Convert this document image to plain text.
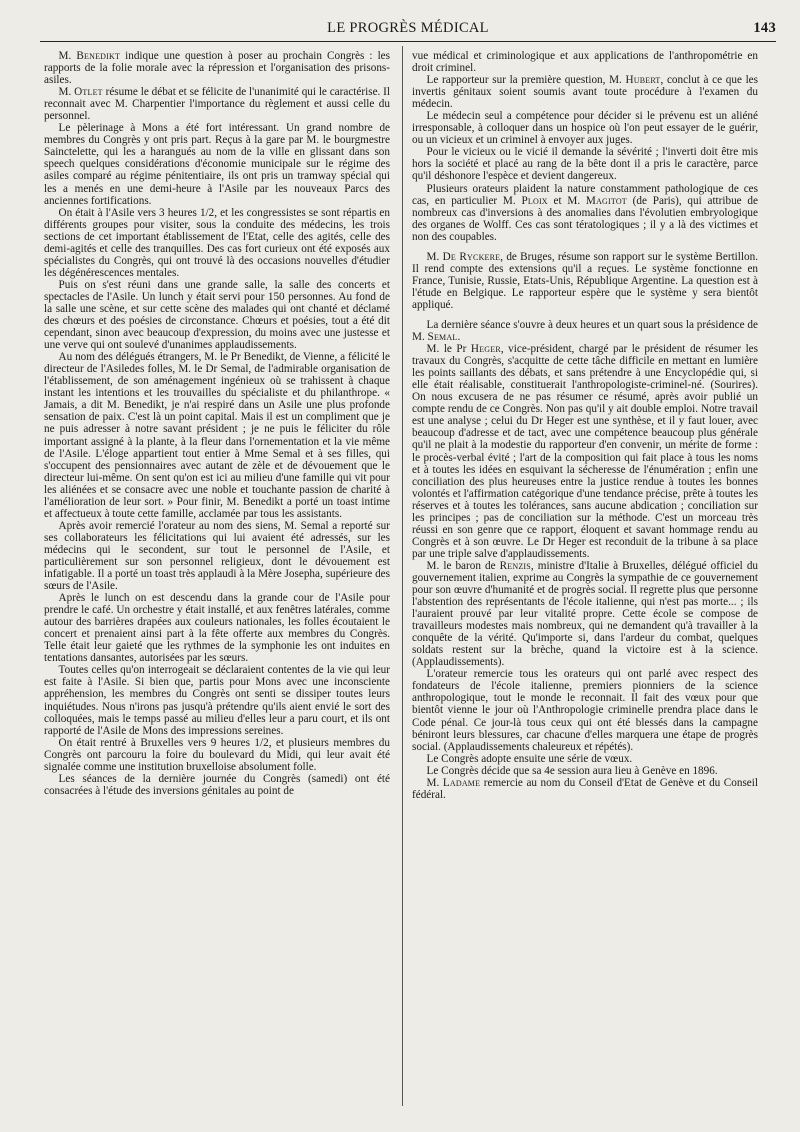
LE PROGRÈS MÉDICAL	143

M. Benedikt indique une question à poser au prochain Congrès : les rapports de la folie morale avec la répression et l'organisation des prisons-asiles.

M. Otlet résume le débat et se félicite de l'unanimité qui le caractérise. Il reconnait avec M. Charpentier l'importance du règlement et aussi celle du personnel.

Le pèlerinage à Mons a été fort intéressant. Un grand nombre de membres du Congrès y ont pris part. Reçus à la gare par M. le bourgmestre Sainctelette, qui les a harangués au nom de la ville en glissant dans son speech quelques considérations d'économie municipale sur le régime des asiles comparé au régime pénitentiaire, ils ont pris un tramway spécial qui les a menés en une demi-heure à l'Asile par les nouveaux Parcs des anciennes fortifications.

On était à l'Asile vers 3 heures 1/2, et les congressistes se sont répartis en différents groupes pour visiter, sous la conduite des médecins, les trois sections de cet important établissement de l'Etat, celle des agités, celle des demi-agités et celle des tranquilles. Des cas fort curieux ont été exposés aux spécialistes du Congrès, qui ont trouvé là des occasions nouvelles d'étudier les dégénérescences mentales.

Puis on s'est réuni dans une grande salle, la salle des concerts et spectacles de l'Asile. Un lunch y était servi pour 150 personnes. Au fond de la salle une scène, et sur cette scène des malades qui ont chanté et déclamé des chœurs et des poésies de circonstance. Chœurs et poésies, tout a été dit cependant, sinon avec beaucoup d'expression, du moins avec une justesse et une verve qui ont soulevé d'unanimes applaudissements.

Au nom des délégués étrangers, M. le Pr Benedikt, de Vienne, a félicité le directeur de l'Asiledes folles, M. le Dr Semal, de l'admirable organisation de l'établissement, de son aménagement ingénieux où se trahissent à chaque instant les intentions et les trouvailles du spécialiste et du philanthrope. « Jamais, a dit M. Benedikt, je n'ai respiré dans un Asile une plus profonde sensation de paix. C'est là un point capital. Mais il est un compliment que je ne puis adresser à notre savant président ; je ne puis le féliciter du rôle important assigné à la plante, à la fleur dans l'ornementation et la vie même de l'Asile. L'éloge appartient tout entier à Mme Semal et à ses filles, qui s'occupent des pensionnaires avec autant de zèle et de dévouement que le directeur lui-même. On sent qu'on est ici au milieu d'une famille qui vit pour les aliénées et se consacre avec une noble et touchante passion de charité à l'amélioration de leur sort. » Pour finir, M. Benedikt a porté un toast intime et affectueux à toute cette famille, acclamée par tous les assistants.

Après avoir remercié l'orateur au nom des siens, M. Semal a reporté sur ses collaborateurs les félicitations qui lui avaient été adressés, sur les médecins qui le secondent, sur tout le personnel de l'Asile, et particulièrement sur son personnel religieux, dont le dévouement est infatigable. Il a porté un toast très applaudi à la Mère Josepha, supérieure des sœurs de l'Asile.

Après le lunch on est descendu dans la grande cour de l'Asile pour prendre le café. Un orchestre y était installé, et aux fenêtres latérales, comme autour des barrières drapées aux couleurs nationales, les folles écoutaient le concert et prenaient ainsi part à la fête offerte aux membres du Congrès. Telle était leur gaieté que les rythmes de la symphonie les ont induites en tentations dansantes, autorisées par les sœurs.

Toutes celles qu'on interrogeait se déclaraient contentes de la vie qui leur est faite à l'Asile. Si bien que, partis pour Mons avec une inconsciente appréhension, les membres du Congrès ont senti se dissiper toutes leurs inquiétudes. Nous n'irons pas jusqu'à prétendre qu'ils aient envié le sort des colloquées, mais le temps passé au milieu d'elles leur a paru court, et ils ont rapporté de l'Asile de Mons des impressions sereines.

On était rentré à Bruxelles vers 9 heures 1/2, et plusieurs membres du Congrès ont parcouru la foire du boulevard du Midi, qui leur avait été signalée comme une institution bruxelloise absolument folle.

Les séances de la dernière journée du Congrès (samedi) ont été consacrées à l'étude des inversions génitales au point de

vue médical et criminologique et aux applications de l'anthropométrie en droit criminel.

Le rapporteur sur la première question, M. Hubert, conclut à ce que les invertis génitaux soient soumis avant toute procédure à l'examen du médecin.

Le médecin seul a compétence pour décider si le prévenu est un aliéné irresponsable, à colloquer dans un hospice où l'on peut essayer de le guérir, ou un vicieux et un criminel à envoyer aux juges.

Pour le vicieux ou le vicié il demande la sévérité ; l'inverti doit être mis hors la société et placé au rang de la bête dont il a pris le caractère, parce qu'il déshonore l'espèce et devient dangereux.

Plusieurs orateurs plaident la nature constamment pathologique de ces cas, en particulier M. Ploix et M. Magitot (de Paris), qui attribue de nombreux cas d'inversions à des anomalies dans l'évolutien embryologique des organes de Wolff. Ces cas sont tératologiques ; il y a là des victimes et non des coupables.

M. De Ryckere, de Bruges, résume son rapport sur le système Bertillon. Il rend compte des extensions qu'il a reçues. Le système fonctionne en France, Tunisie, Russie, Etats-Unis, République Argentine. La question est à l'étude en Belgique. Le rapporteur espère que le système y sera bientôt appliqué.

La dernière séance s'ouvre à deux heures et un quart sous la présidence de M. Semal.

M. le Pr Heger, vice-président, chargé par le président de résumer les travaux du Congrès, s'acquitte de cette tâche difficile en mettant en lumière les points saillants des débats, et sans prétendre à une Encyclopédie qui, si elle était réalisable, constituerait l'anthropologiste-criminel-né. (Sourires). On nous excusera de ne pas résumer ce résumé, après avoir publié un compte rendu de ce Congrès. Non pas qu'il y ait double emploi. Notre travail est une analyse ; celui du Dr Heger est une synthèse, et il y faut louer, avec beaucoup d'adresse et de tact, avec une compétence beaucoup plus générale qu'il ne plait à la modestie du rapporteur d'en convenir, un mérite de forme : le procès-verbal évité ; l'art de la composition qui fait place à tous les noms et à toutes les idées en esquivant la sécheresse de l'énumération ; enfin une conciliation des plus heureuses entre la justice rendue à toutes les bonnes volontés et l'affirmation catégorique d'une tendance précise, prête à toutes les réserves et à toutes les tolérances, sans aucune abdication ; conciliation sur les principes ; pas de conciliation sur la méthode. C'est un morceau très réussi en son genre que ce rapport, éloquent et savant hommage rendu au Congrès et à son œuvre. Le Dr Heger est reconduit de la tribune à sa place par une triple salve d'applaudissements.

M. le baron de Renzis, ministre d'Italie à Bruxelles, délégué officiel du gouvernement italien, exprime au Congrès la sympathie de ce gouvernement pour son œuvre d'humanité et de progrès social. Il regrette plus que personne l'abstention des représentants de l'école italienne, qui n'est pas morte... ; ils l'auraient prouvé par leur vitalité propre. Cette école se compose de travailleurs modestes mais nombreux, qui ne demandent qu'à travailler à la conquête de la vérité. Qu'importe si, dans l'ardeur du combat, quelques soldats restent sur la brèche, quand la victoire est à la science. (Applaudissements).

L'orateur remercie tous les orateurs qui ont parlé avec respect des fondateurs de l'école italienne, premiers pionniers de la science anthropologique, tout le monde le reconnait. Il fait des vœux pour que bientôt vienne le jour où l'Anthropologie criminelle prendra place dans le Code pénal. Ce jour-là tous ceux qui ont été blessés dans la campagne béniront leurs blessures, car chacune d'elles marquera une étape de progrès social. (Applaudissements chaleureux et répétés).

Le Congrès adopte ensuite une série de vœux.

Le Congrès décide que sa 4e session aura lieu à Genève en 1896.

M. Ladame remercie au nom du Conseil d'Etat de Genève et du Conseil fédéral.
